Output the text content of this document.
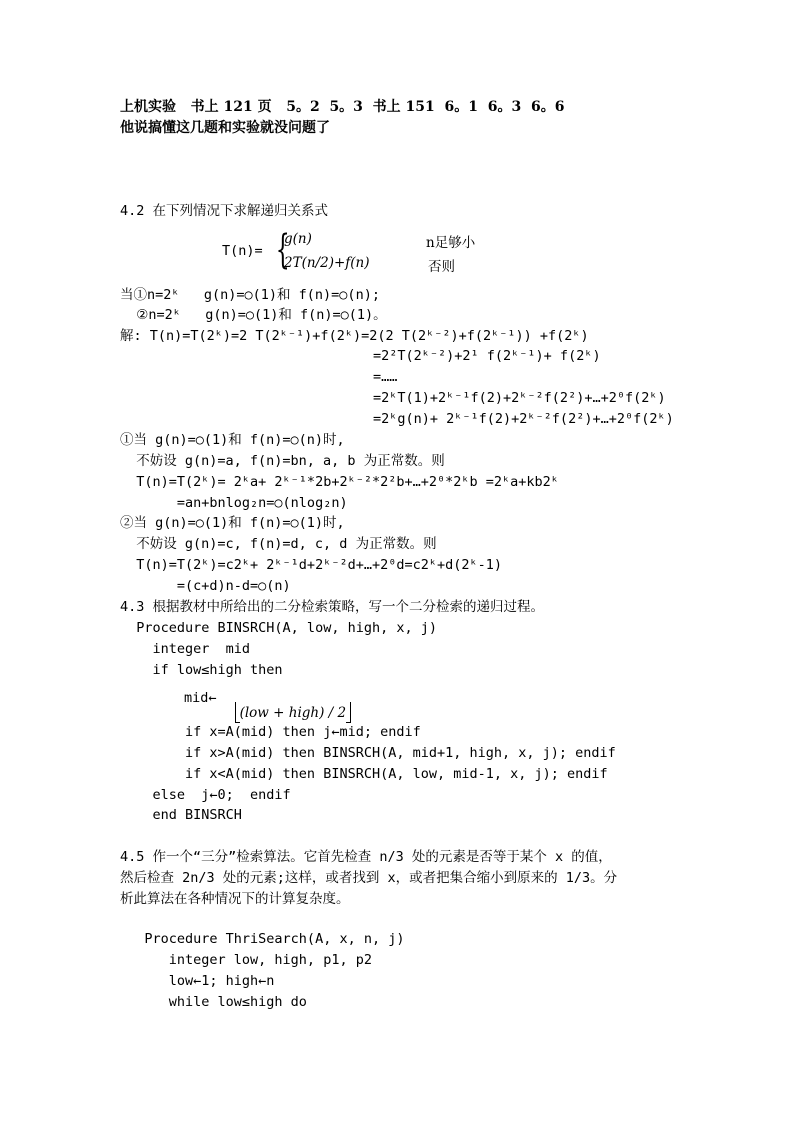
上机实验   书上 121 页   5。2  5。3  书上 151  6。1  6。3  6。6
他说搞懂这几题和实验就没问题了
4.2 在下列情况下求解递归关系式
T(n)= {
g(n)	n足够小
2T(n/2)+f(n)	否则
当①n=2ᵏ   g(n)=○(1)和 f(n)=○(n);
②n=2ᵏ   g(n)=○(1)和 f(n)=○(1)。
解: T(n)=T(2ᵏ)=2 T(2ᵏ⁻¹)+f(2ᵏ)=2(2 T(2ᵏ⁻²)+f(2ᵏ⁻¹)) +f(2ᵏ)
=2²T(2ᵏ⁻²)+2¹ f(2ᵏ⁻¹)+ f(2ᵏ)
=……
=2ᵏT(1)+2ᵏ⁻¹f(2)+2ᵏ⁻²f(2²)+…+2⁰f(2ᵏ)
=2ᵏg(n)+ 2ᵏ⁻¹f(2)+2ᵏ⁻²f(2²)+…+2⁰f(2ᵏ)
①当 g(n)=○(1)和 f(n)=○(n)时,
不妨设 g(n)=a, f(n)=bn, a, b 为正常数。则
T(n)=T(2ᵏ)= 2ᵏa+ 2ᵏ⁻¹*2b+2ᵏ⁻²*2²b+…+2⁰*2ᵏb =2ᵏa+kb2ᵏ
=an+bnlog₂n=○(nlog₂n)
②当 g(n)=○(1)和 f(n)=○(1)时,
不妨设 g(n)=c, f(n)=d, c, d 为正常数。则
T(n)=T(2ᵏ)=c2ᵏ+ 2ᵏ⁻¹d+2ᵏ⁻²d+…+2⁰d=c2ᵏ+d(2ᵏ-1)
=(c+d)n-d=○(n)
4.3 根据教材中所给出的二分检索策略，写一个二分检索的递归过程。
Procedure BINSRCH(A, low, high, x, j)
integer  mid
if low≤high then
mid←

(low + high) / 2

if x=A(mid) then j←mid; endif
if x>A(mid) then BINSRCH(A, mid+1, high, x, j); endif
if x<A(mid) then BINSRCH(A, low, mid-1, x, j); endif
else  j←0;  endif
end BINSRCH
4.5 作一个“三分”检索算法。它首先检查 n/3 处的元素是否等于某个 x 的值，
然后检查 2n/3 处的元素;这样，或者找到 x，或者把集合缩小到原来的 1/3。分
析此算法在各种情况下的计算复杂度。
Procedure ThriSearch(A, x, n, j)
integer low, high, p1, p2
low←1; high←n
while low≤high do
